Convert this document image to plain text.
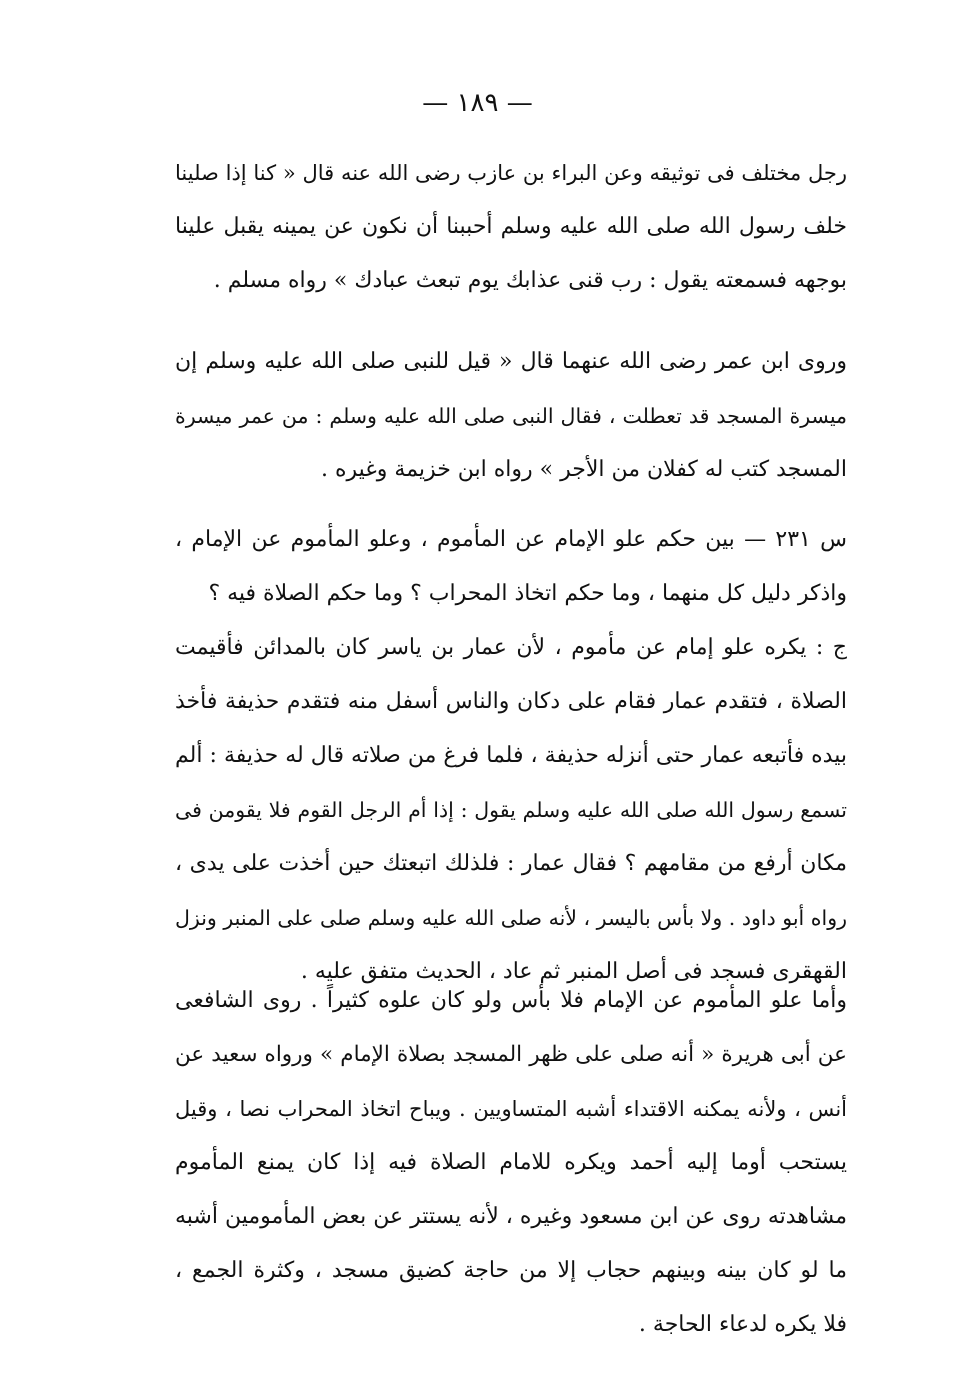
— ١٨٩ —
رجل مختلف فى توثيقه وعن البراء بن عازب رضى الله عنه قال « كنا إذا صلينا
خلف رسول الله صلى الله عليه وسلم أحببنا أن نكون عن يمينه يقبل علينا
بوجهه فسمعته يقول : رب قنى عذابك يوم تبعث عبادك » رواه مسلم .
وروى ابن عمر رضى الله عنهما قال « قيل للنبى صلى الله عليه وسلم إن
ميسرة المسجد قد تعطلت ، فقال النبى صلى الله عليه وسلم : من عمر ميسرة
المسجد كتب له كفلان من الأجر » رواه ابن خزيمة وغيره .
س ٢٣١ — بين حكم علو الإمام عن المأموم ، وعلو المأموم عن الإمام ،
واذكر دليل كل منهما ، وما حكم اتخاذ المحراب ؟ وما حكم الصلاة فيه ؟
ج : يكره علو إمام عن مأموم ، لأن عمار بن ياسر كان بالمدائن فأقيمت
الصلاة ، فتقدم عمار فقام على دكان والناس أسفل منه فتقدم حذيفة فأخذ
بيده فأتبعه عمار حتى أنزله حذيفة ، فلما فرغ من صلاته قال له حذيفة : ألم
تسمع رسول الله صلى الله عليه وسلم يقول : إذا أم الرجل القوم فلا يقومن فى
مكان أرفع من مقامهم ؟ فقال عمار : فلذلك اتبعتك حين أخذت على يدى ،
رواه أبو داود . ولا بأس باليسر ، لأنه صلى الله عليه وسلم صلى على المنبر ونزل
القهقرى فسجد فى أصل المنبر ثم عاد ، الحديث متفق عليه .
وأما علو المأموم عن الإمام فلا بأس ولو كان علوه كثيراً . روى الشافعى
عن أبى هريرة « أنه صلى على ظهر المسجد بصلاة الإمام » ورواه سعيد عن
أنس ، ولأنه يمكنه الاقتداء أشبه المتساويين . ويباح اتخاذ المحراب نصا ، وقيل
يستحب أوما إليه أحمد ويكره للامام الصلاة فيه إذا كان يمنع المأموم
مشاهدته روى عن ابن مسعود وغيره ، لأنه يستتر عن بعض المأمومين أشبه
ما لو كان بينه وبينهم حجاب إلا من حاجة كضيق مسجد ، وكثرة الجمع ،
فلا يكره لدعاء الحاجة .
